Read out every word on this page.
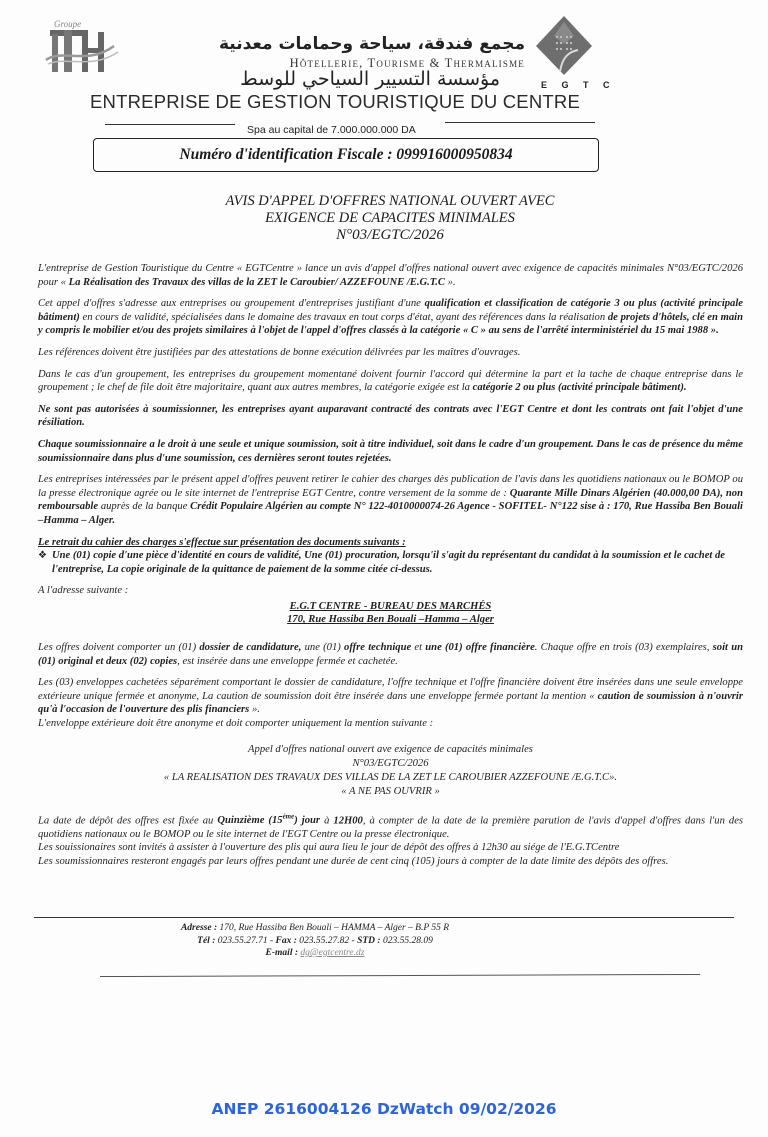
Groupe
E G T C
مجمع فندقة، سياحة وحمامات معدنية
Hôtellerie, Tourisme & Thermalisme
مؤسسة التسيير السياحي للوسط
ENTREPRISE DE GESTION TOURISTIQUE DU CENTRE
Spa au capital de 7.000.000.000 DA
Numéro d'identification Fiscale : 099916000950834
AVIS D'APPEL D'OFFRES NATIONAL OUVERT AVEC
EXIGENCE DE CAPACITES MINIMALES
N°03/EGTC/2026

L'entreprise de Gestion Touristique du Centre « EGTCentre » lance un avis d'appel d'offres national ouvert avec exigence de capacités minimales N°03/EGTC/2026 pour « La Réalisation des Travaux des villas de la ZET le Caroubier/ AZZEFOUNE /E.G.T.C ».

Cet appel d'offres s'adresse aux entreprises ou groupement d'entreprises justifiant d'une qualification et classification de catégorie 3 ou plus (activité principale bâtiment) en cours de validité, spécialisées dans le domaine des travaux en tout corps d'état, ayant des références dans la réalisation de projets d'hôtels, clé en main y compris le mobilier et/ou des projets similaires à l'objet de l'appel d'offres classés à la catégorie « C » au sens de l'arrêté interministériel du 15 mai 1988 ».

Les références doivent être justifiées par des attestations de bonne exécution délivrées par les maîtres d'ouvrages.

Dans le cas d'un groupement, les entreprises du groupement momentané doivent fournir l'accord qui détermine la part et la tache de chaque entreprise dans le groupement ; le chef de file doit être majoritaire, quant aux autres membres, la catégorie exigée est la catégorie 2 ou plus (activité principale bâtiment).

Ne sont pas autorisées à soumissionner, les entreprises ayant auparavant contracté des contrats avec l'EGT Centre et dont les contrats ont fait l'objet d'une résiliation.

Chaque soumissionnaire a le droit à une seule et unique soumission, soit à titre individuel, soit dans le cadre d'un groupement. Dans le cas de présence du même soumissionnaire dans plus d'une soumission, ces dernières seront toutes rejetées.

Les entreprises intéressées par le présent appel d'offres peuvent retirer le cahier des charges dès publication de l'avis dans les quotidiens nationaux ou le BOMOP ou la presse électronique agrée ou le site internet de l'entreprise EGT Centre, contre versement de la somme de : Quarante Mille Dinars Algérien (40.000,00 DA), non remboursable auprès de la banque Crédit Populaire Algérien au compte N° 122-4010000074-26 Agence - SOFITEL- N°122 sise à : 170, Rue Hassiba Ben Bouali –Hamma – Alger.

Le retrait du cahier des charges s'effectue sur présentation des documents suivants :

❖ Une (01) copie d'une pièce d'identité en cours de validité, Une (01) procuration, lorsqu'il s'agit du représentant du candidat à la soumission et le cachet de l'entreprise, La copie originale de la quittance de paiement de la somme citée ci-dessus.

A l'adresse suivante :

E.G.T CENTRE - BUREAU DES MARCHÉS
170, Rue Hassiba Ben Bouali –Hamma – Alger

Les offres doivent comporter un (01) dossier de candidature, une (01) offre technique et une (01) offre financière. Chaque offre en trois (03) exemplaires, soit un (01) original et deux (02) copies, est insérée dans une enveloppe fermée et cachetée.

Les (03) enveloppes cachetées séparément comportant le dossier de candidature, l'offre technique et l'offre financière doivent être insérées dans une seule enveloppe extérieure unique fermée et anonyme, La caution de soumission doit être insérée dans une enveloppe fermée portant la mention « caution de soumission à n'ouvrir qu'à l'occasion de l'ouverture des plis financiers ».
L'enveloppe extérieure doit être anonyme et doit comporter uniquement la mention suivante :

Appel d'offres national ouvert ave exigence de capacités minimales
N°03/EGTC/2026
« LA REALISATION DES TRAVAUX DES VILLAS DE LA ZET LE CAROUBIER AZZEFOUNE /E.G.T.C».
« A NE PAS OUVRIR »

La date de dépôt des offres est fixée au Quinzième (15ème) jour à 12H00, à compter de la date de la première parution de l'avis d'appel d'offres dans l'un des quotidiens nationaux ou le BOMOP ou le site internet de l'EGT Centre ou la presse électronique.
Les souissionaires sont invités à assister à l'ouverture des plis qui aura lieu le jour de dépôt des offres à 12h30 au siége de l'E.G.TCentre
Les soumissionnaires resteront engagés par leurs offres pendant une durée de cent cinq (105) jours à compter de la date limite des dépôts des offres.

Adresse : 170, Rue Hassiba Ben Bouali – HAMMA – Alger – B.P 55 R
Tél : 023.55.27.71 - Fax : 023.55.27.82 - STD : 023.55.28.09
E-mail : dg@egtcentre.dz
ANEP 2616004126 DzWatch 09/02/2026
